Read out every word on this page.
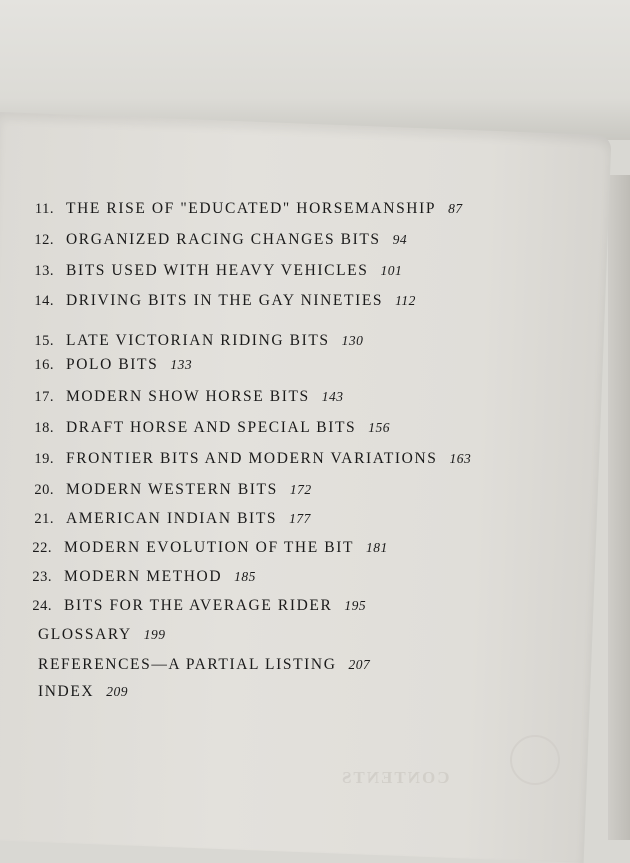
11. THE RISE OF "EDUCATED" HORSEMANSHIP 87
12. ORGANIZED RACING CHANGES BITS 94
13. BITS USED WITH HEAVY VEHICLES 101
14. DRIVING BITS IN THE GAY NINETIES 112
15. LATE VICTORIAN RIDING BITS 130
16. POLO BITS 133
17. MODERN SHOW HORSE BITS 143
18. DRAFT HORSE AND SPECIAL BITS 156
19. FRONTIER BITS AND MODERN VARIATIONS 163
20. MODERN WESTERN BITS 172
21. AMERICAN INDIAN BITS 177
22. MODERN EVOLUTION OF THE BIT 181
23. MODERN METHOD 185
24. BITS FOR THE AVERAGE RIDER 195
GLOSSARY 199
REFERENCES—A PARTIAL LISTING 207
INDEX 209
CONTENTS
